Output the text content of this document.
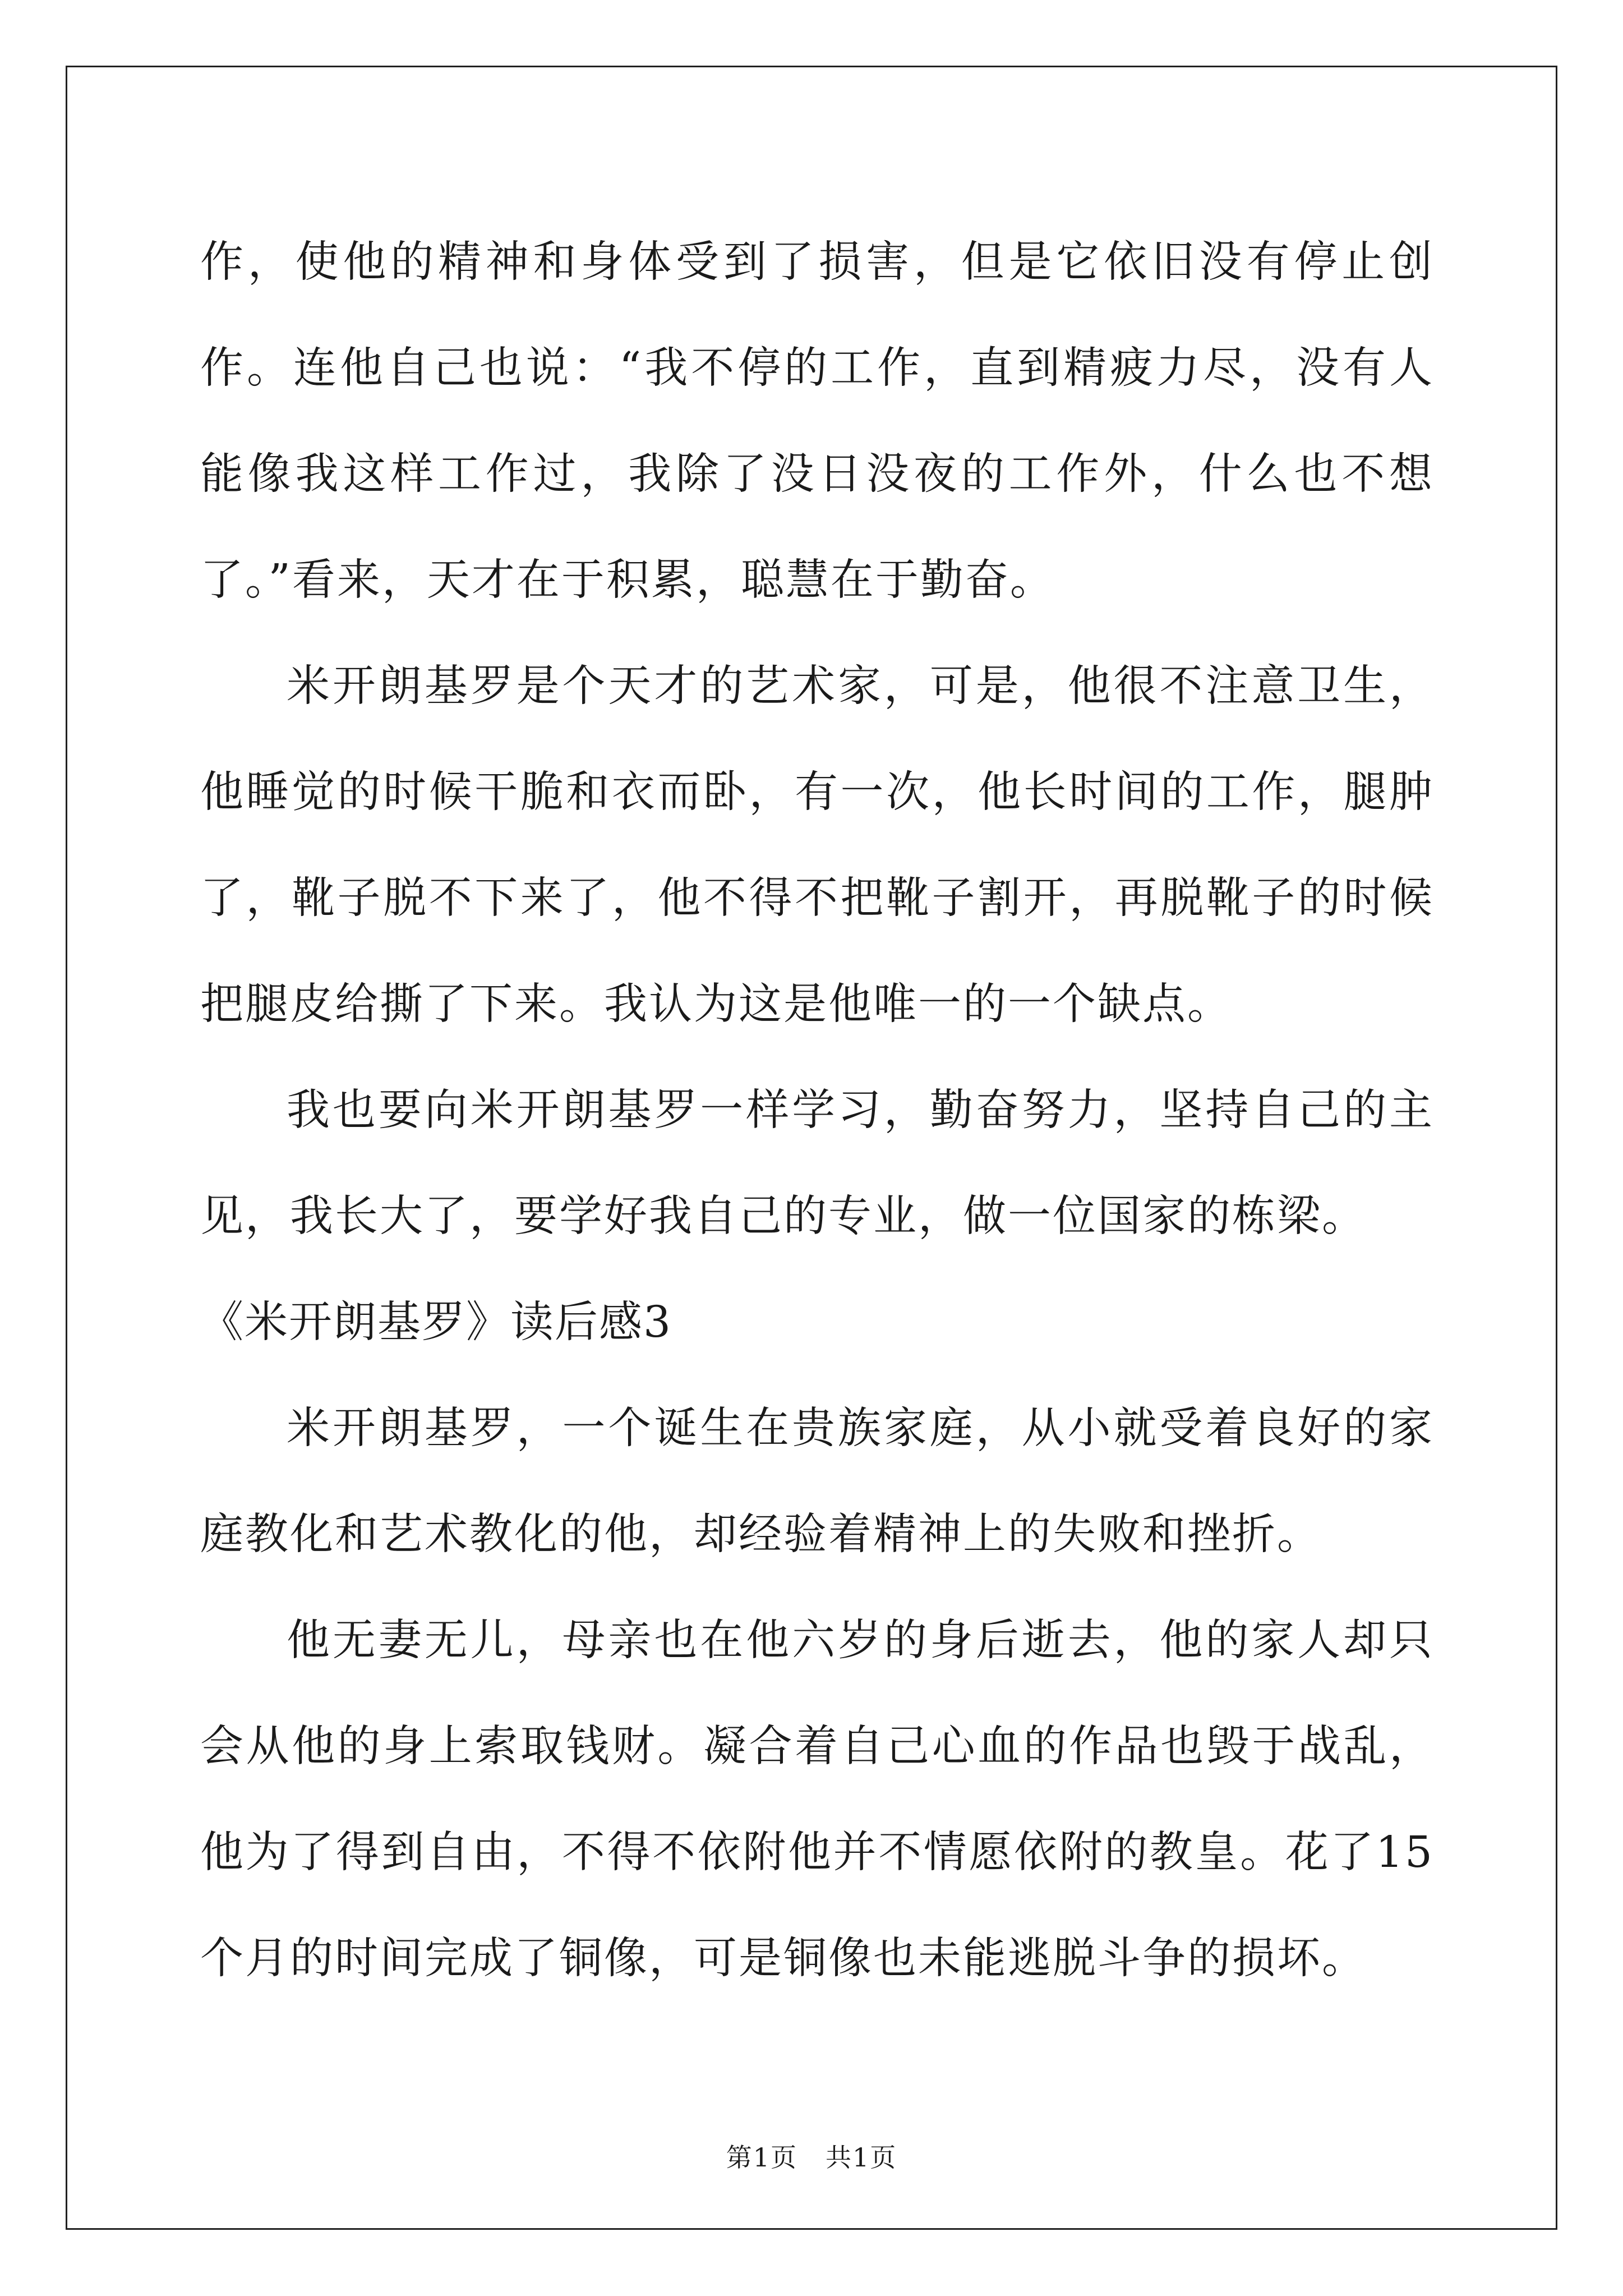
作，使他的精神和身体受到了损害，但是它依旧没有停止创作。连他自己也说：“我不停的工作，直到精疲力尽，没有人能像我这样工作过，我除了没日没夜的工作外，什么也不想了。”看来，天才在于积累，聪慧在于勤奋。

米开朗基罗是个天才的艺术家，可是，他很不注意卫生，他睡觉的时候干脆和衣而卧，有一次，他长时间的工作，腿肿了，靴子脱不下来了，他不得不把靴子割开，再脱靴子的时候把腿皮给撕了下来。我认为这是他唯一的一个缺点。

我也要向米开朗基罗一样学习，勤奋努力，坚持自己的主见，我长大了，要学好我自己的专业，做一位国家的栋梁。

《米开朗基罗》读后感3

米开朗基罗，一个诞生在贵族家庭，从小就受着良好的家庭教化和艺术教化的他，却经验着精神上的失败和挫折。

他无妻无儿，母亲也在他六岁的身后逝去，他的家人却只会从他的身上索取钱财。凝合着自己心血的作品也毁于战乱，他为了得到自由，不得不依附他并不情愿依附的教皇。花了15个月的时间完成了铜像，可是铜像也未能逃脱斗争的损坏。

第1页 共1页
